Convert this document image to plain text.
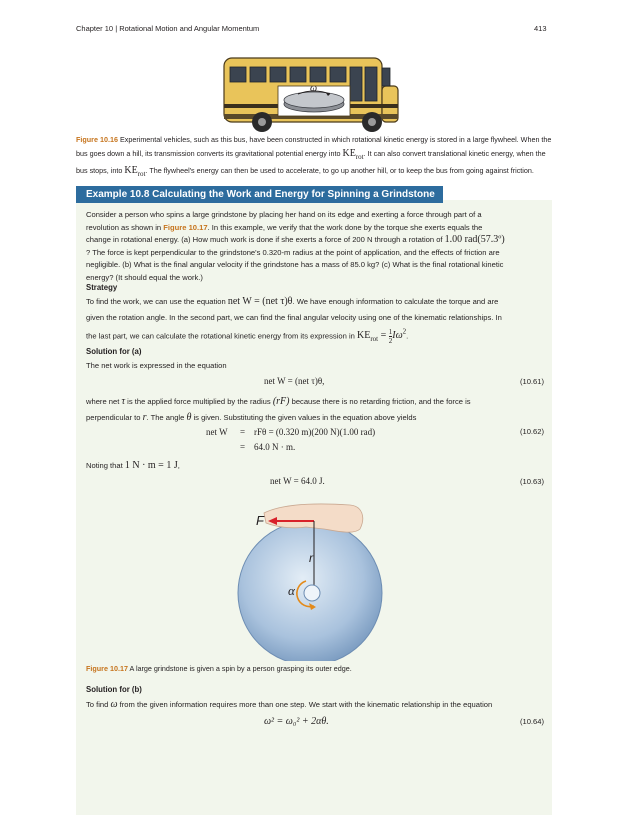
Chapter 10 | Rotational Motion and Angular Momentum	413
ω
Figure 10.16 Experimental vehicles, such as this bus, have been constructed in which rotational kinetic energy is stored in a large flywheel. When the
bus goes down a hill, its transmission converts its gravitational potential energy into $KE_{rot}$. It can also convert translational kinetic energy, when the
bus stops, into $KE_{rot}$. The flywheel's energy can then be used to accelerate, to go up another hill, or to keep the bus from going against friction.
Example 10.8 Calculating the Work and Energy for Spinning a Grindstone
Consider a person who spins a large grindstone by placing her hand on its edge and exerting a force through part of a
revolution as shown in Figure 10.17. In this example, we verify that the work done by the torque she exerts equals the
change in rotational energy. (a) How much work is done if she exerts a force of 200 N through a rotation of 1.00 rad(57.3º)
? The force is kept perpendicular to the grindstone's 0.320-m radius at the point of application, and the effects of friction are
negligible. (b) What is the final angular velocity if the grindstone has a mass of 85.0 kg? (c) What is the final rotational kinetic
energy? (It should equal the work.)
Strategy
To find the work, we can use the equation net W = (net τ)θ. We have enough information to calculate the torque and are
given the rotation angle. In the second part, we can find the final angular velocity using one of the kinematic relationships. In
the last part, we can calculate the rotational kinetic energy from its expression in $KE_{rot} = \frac{1}{2} I\omega^2$.
Solution for (a)
The net work is expressed in the equation
net W = (net τ)θ,	(10.61)
where net τ is the applied force multiplied by the radius (rF) because there is no retarding friction, and the force is
perpendicular to r. The angle θ is given. Substituting the given values in the equation above yields
net W = rFθ = (0.320 m)(200 N)(1.00 rad)
= 64.0 N · m.
(10.62)
Noting that 1 N · m = 1 J,
net W = 64.0 J.	(10.63)
F
r
α
Figure 10.17 A large grindstone is given a spin by a person grasping its outer edge.
Solution for (b)
To find ω from the given information requires more than one step. We start with the kinematic relationship in the equation
ω² = ω₀² + 2αθ.	(10.64)
